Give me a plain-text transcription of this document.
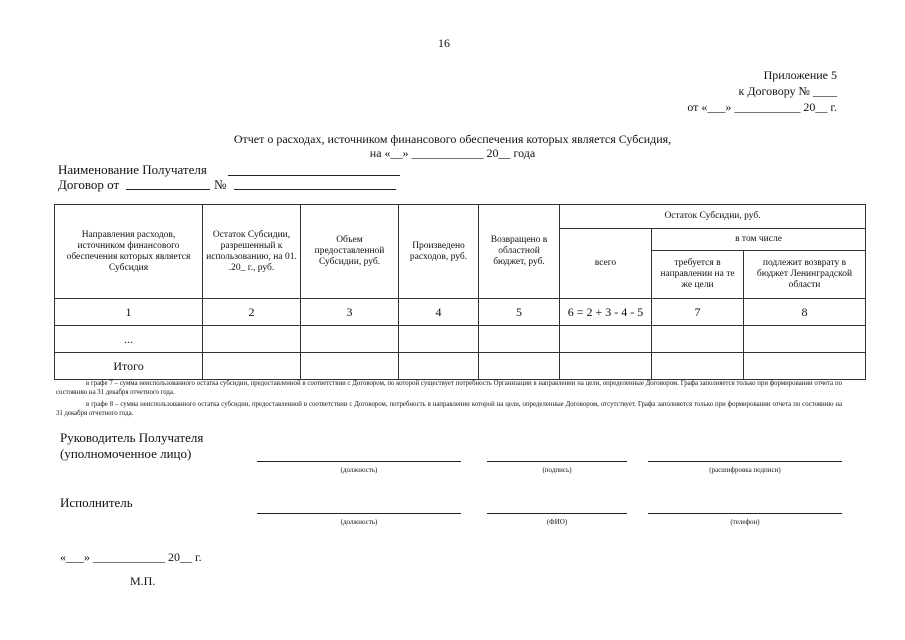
16
Приложение 5
к Договору № ____
от «___» ___________ 20__ г.
Отчет о расходах, источником финансового обеспечения которых является Субсидия,
на «__» ____________ 20__ года
Наименование Получателя
Договор от	№
Направления расходов, источником финансового обеспечения которых является Субсидия	Остаток Субсидии, разрешенный к использованию, на 01. .20_ г., руб.	Объем предоставленной Субсидии, руб.	Произведено расходов, руб.	Возвращено в областной бюджет, руб.	Остаток Субсидии, руб.		
					всего	в том числе	
						требуется в направлении на те же цели	подлежит возврату в бюджет Ленинградской области
1	2	3	4	5	6 = 2 + 3 - 4 - 5	7	8
...							
Итого							
в графе 7 – сумма неиспользованного остатка субсидии, предоставленной в соответствии с Договором, по которой существует потребность Организации в направлении на цели, определенные Договором. Графа заполняется только при формировании отчета по состоянию на 31 декабря отчетного года.
в графе 8 – сумма неиспользованного остатка субсидии, предоставленной в соответствии с Договором, потребность в направлении которой на цели, определенные Договором, отсутствует. Графа заполняется только при формировании отчета по состоянию на 31 декабря отчетного года.
Руководитель Получателя
(уполномоченное лицо)
(должность)	(подпись)	(расшифровка подписи)
Исполнитель
(должность)	(ФИО)	(телефон)
«___» ____________ 20__ г.
М.П.
